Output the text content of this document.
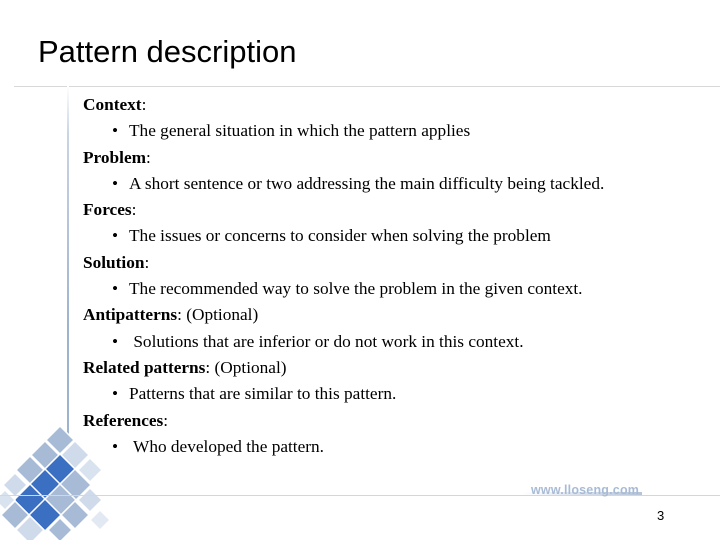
Pattern description
Context:
• The general situation in which the pattern applies
Problem:
• A short sentence or two addressing the main difficulty being tackled.
Forces:
• The issues or concerns to consider when solving the problem
Solution:
• The recommended way to solve the problem in the given context.
Antipatterns: (Optional)
• Solutions that are inferior or do not work in this context.
Related patterns: (Optional)
• Patterns that are similar to this pattern.
References:
• Who developed the pattern.
www.lloseng.com
3
